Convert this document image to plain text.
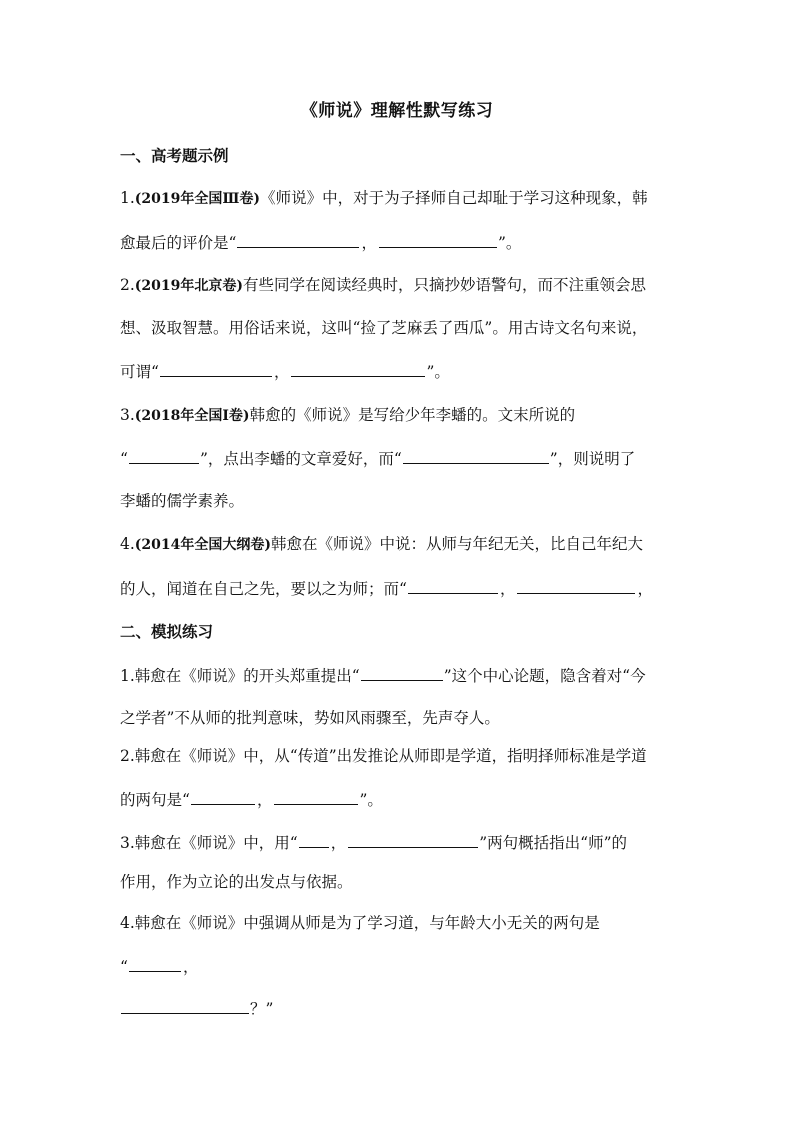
《师说》理解性默写练习
一、高考题示例
1.(2019年全国Ⅲ卷)《师说》中，对于为子择师自己却耻于学习这种现象，韩
愈最后的评价是“	，	”。
2.(2019年北京卷)有些同学在阅读经典时，只摘抄妙语警句，而不注重领会思
想、汲取智慧。用俗话来说，这叫“捡了芝麻丢了西瓜”。用古诗文名句来说，
可谓“	，	”。
3.(2018年全国Ⅰ卷)韩愈的《师说》是写给少年李蟠的。文末所说的
“	”，点出李蟠的文章爱好，而“	”，则说明了
李蟠的儒学素养。
4.(2014年全国大纲卷)韩愈在《师说》中说：从师与年纪无关，比自己年纪大
的人，闻道在自己之先，要以之为师；而“	，	，
二、模拟练习
1.韩愈在《师说》的开头郑重提出“	”这个中心论题，隐含着对“今
之学者”不从师的批判意味，势如风雨骤至，先声夺人。
2.韩愈在《师说》中，从“传道”出发推论从师即是学道，指明择师标准是学道
的两句是“	，	”。
3.韩愈在《师说》中，用“ ，	”两句概括指出“师”的
作用，作为立论的出发点与依据。
4.韩愈在《师说》中强调从师是为了学习道，与年龄大小无关的两句是
“	，
？”
